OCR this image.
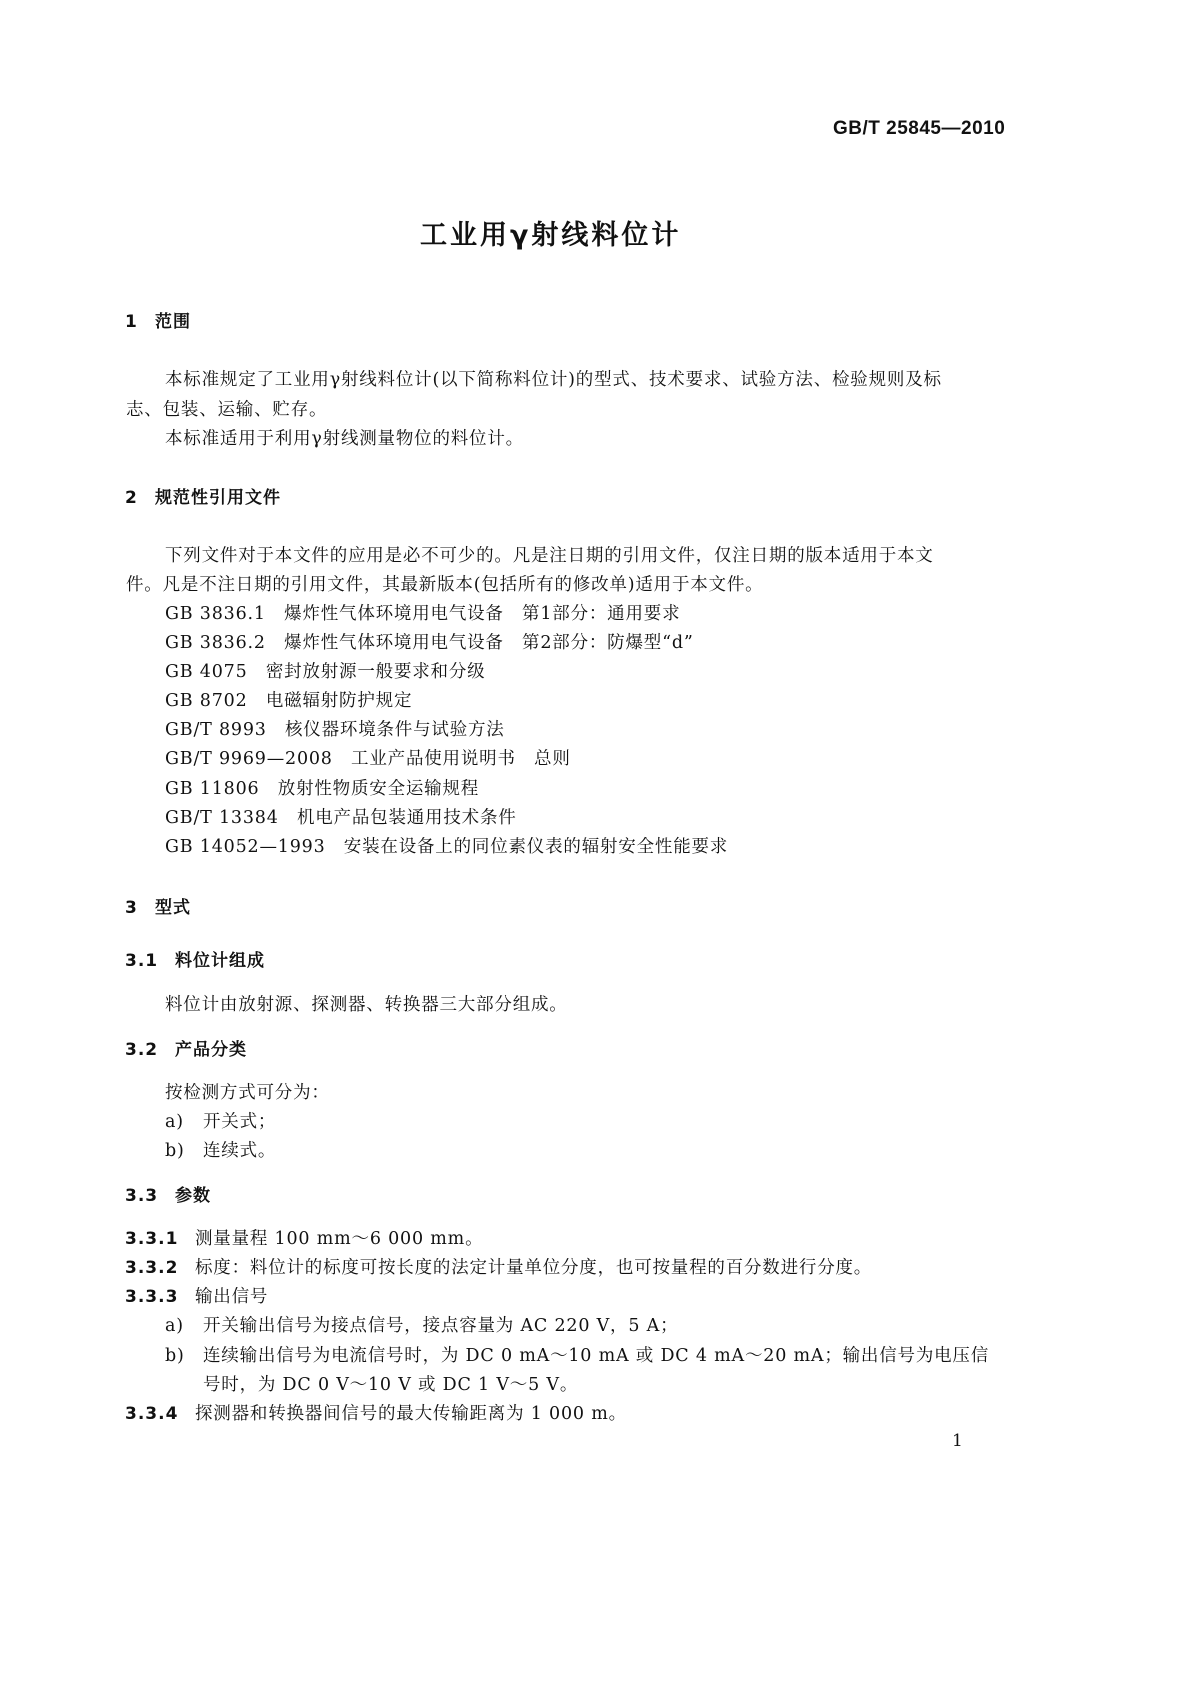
GB/T 25845—2010
工业用γ射线料位计
1 范围
本标准规定了工业用γ射线料位计(以下简称料位计)的型式、技术要求、试验方法、检验规则及标
志、包装、运输、贮存。
本标准适用于利用γ射线测量物位的料位计。
2 规范性引用文件
下列文件对于本文件的应用是必不可少的。凡是注日期的引用文件，仅注日期的版本适用于本文
件。凡是不注日期的引用文件，其最新版本(包括所有的修改单)适用于本文件。
GB 3836.1　爆炸性气体环境用电气设备　第1部分：通用要求
GB 3836.2　爆炸性气体环境用电气设备　第2部分：防爆型“d”
GB 4075　密封放射源一般要求和分级
GB 8702　电磁辐射防护规定
GB/T 8993　核仪器环境条件与试验方法
GB/T 9969—2008　工业产品使用说明书　总则
GB 11806　放射性物质安全运输规程
GB/T 13384　机电产品包装通用技术条件
GB 14052—1993　安装在设备上的同位素仪表的辐射安全性能要求
3 型式
3.1 料位计组成
料位计由放射源、探测器、转换器三大部分组成。
3.2 产品分类
按检测方式可分为：
a) 开关式；
b) 连续式。
3.3 参数
3.3.1 测量量程 100 mm～6 000 mm。
3.3.2 标度：料位计的标度可按长度的法定计量单位分度，也可按量程的百分数进行分度。
3.3.3 输出信号
a) 开关输出信号为接点信号，接点容量为 AC 220 V，5 A；
b) 连续输出信号为电流信号时，为 DC 0 mA～10 mA 或 DC 4 mA～20 mA；输出信号为电压信
号时，为 DC 0 V～10 V 或 DC 1 V～5 V。
3.3.4 探测器和转换器间信号的最大传输距离为 1 000 m。
1
